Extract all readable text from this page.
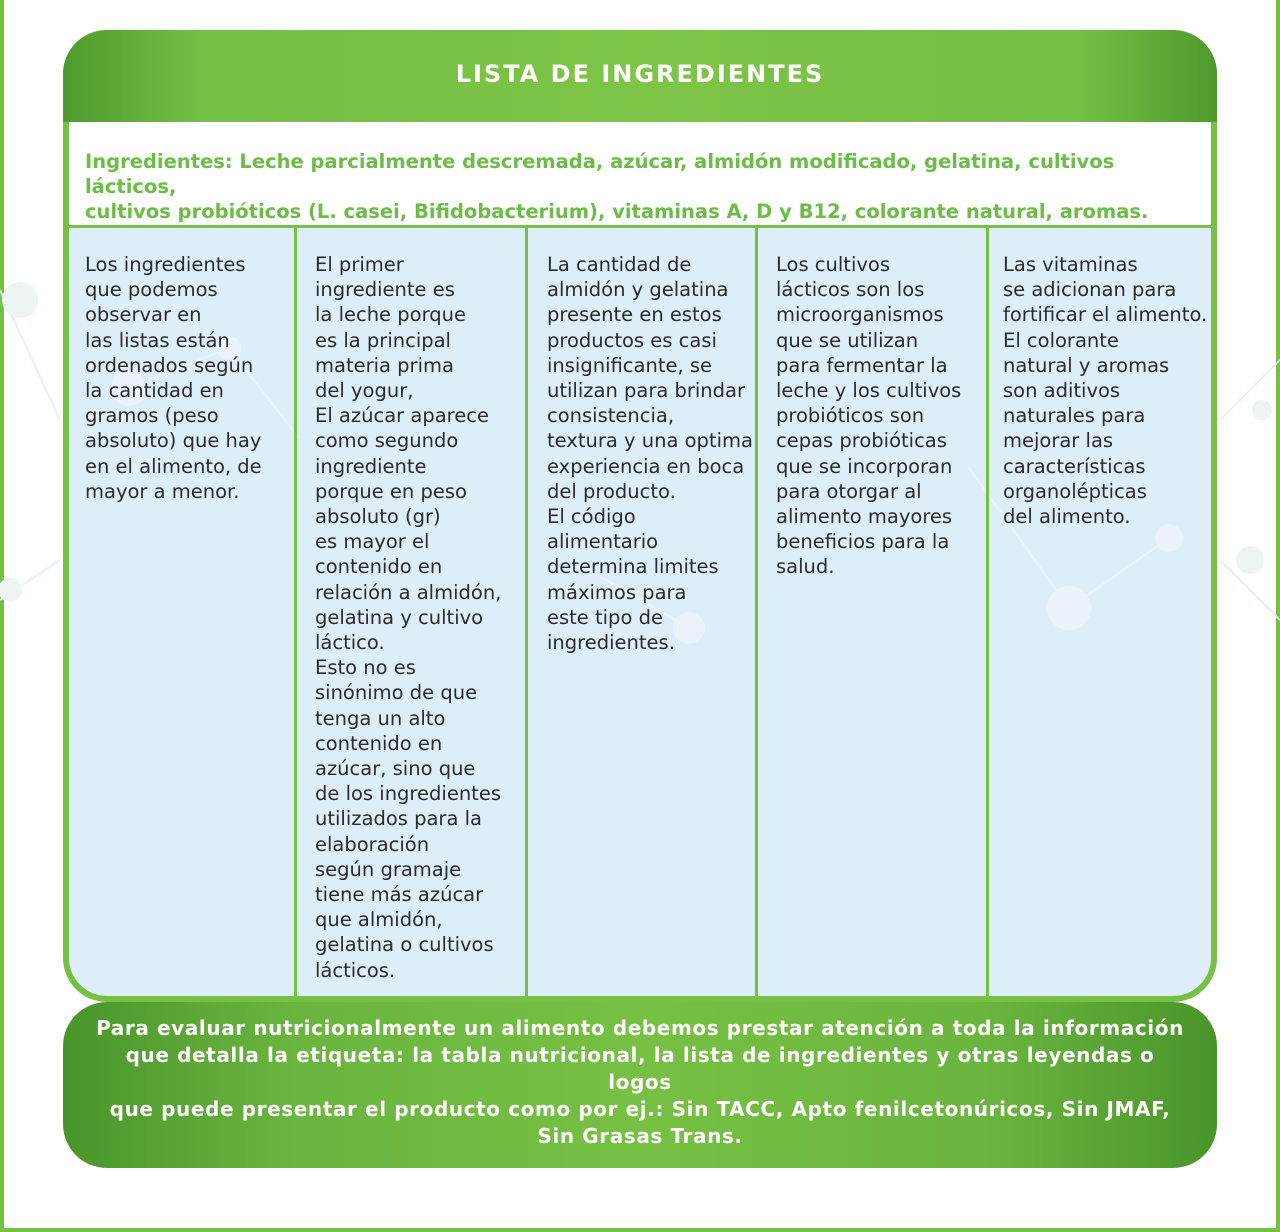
LISTA DE INGREDIENTES
Ingredientes: Leche parcialmente descremada, azúcar, almidón modificado, gelatina, cultivos lácticos,
cultivos probióticos (L. casei, Bifidobacterium), vitaminas A, D y B12, colorante natural, aromas.
Los ingredientes
que podemos
observar en
las listas están
ordenados según
la cantidad en
gramos (peso
absoluto) que hay
en el alimento, de
mayor a menor.
El primer
ingrediente es
la leche porque
es la principal
materia prima
del yogur,
El azúcar aparece
como segundo
ingrediente
porque en peso
absoluto (gr)
es mayor el
contenido en
relación a almidón,
gelatina y cultivo
láctico.
Esto no es
sinónimo de que
tenga un alto
contenido en
azúcar, sino que
de los ingredientes
utilizados para la
elaboración
según gramaje
tiene más azúcar
que almidón,
gelatina o cultivos
lácticos.
La cantidad de
almidón y gelatina
presente en estos
productos es casi
insignificante, se
utilizan para brindar
consistencia,
textura y una optima
experiencia en boca
del producto.
El código
alimentario
determina limites
máximos para
este tipo de
ingredientes.
Los cultivos
lácticos son los
microorganismos
que se utilizan
para fermentar la
leche y los cultivos
probióticos son
cepas probióticas
que se incorporan
para otorgar al
alimento mayores
beneficios para la
salud.
Las vitaminas
se adicionan para
fortificar el alimento.
El colorante
natural y aromas
son aditivos
naturales para
mejorar las
características
organolépticas
del alimento.
Para evaluar nutricionalmente un alimento debemos prestar atención a toda la información
que detalla la etiqueta: la tabla nutricional, la lista de ingredientes y otras leyendas o logos
que puede presentar el producto como por ej.: Sin TACC, Apto fenilcetonúricos, Sin JMAF,
Sin Grasas Trans.
